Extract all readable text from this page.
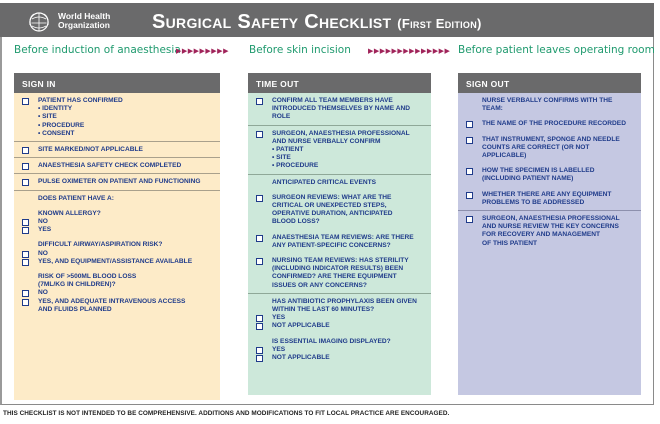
World Health
Organization Surgical Safety Checklist (First Edition)
Before induction of anaesthesia
▶▶▶▶▶▶▶▶▶ Before skin incision ▶▶▶▶▶▶▶▶▶▶▶▶▶▶ Before patient leaves operating room
SIGN IN
PATIENT HAS CONFIRMED
• IDENTITY
• SITE
• PROCEDURE
• CONSENT
SITE MARKED/NOT APPLICABLE
ANAESTHESIA SAFETY CHECK COMPLETED
PULSE OXIMETER ON PATIENT AND FUNCTIONING
DOES PATIENT HAVE A:
KNOWN ALLERGY?
NO
YES
DIFFICULT AIRWAY/ASPIRATION RISK?
NO
YES, AND EQUIPMENT/ASSISTANCE AVAILABLE
RISK OF >500ML BLOOD LOSS
(7ML/KG IN CHILDREN)?
NO
YES, AND ADEQUATE INTRAVENOUS ACCESS
AND FLUIDS PLANNED
TIME OUT
CONFIRM ALL TEAM MEMBERS HAVE
INTRODUCED THEMSELVES BY NAME AND
ROLE
SURGEON, ANAESTHESIA PROFESSIONAL
AND NURSE VERBALLY CONFIRM
• PATIENT
• SITE
• PROCEDURE
ANTICIPATED CRITICAL EVENTS
SURGEON REVIEWS: WHAT ARE THE
CRITICAL OR UNEXPECTED STEPS,
OPERATIVE DURATION, ANTICIPATED
BLOOD LOSS?
ANAESTHESIA TEAM REVIEWS: ARE THERE
ANY PATIENT-SPECIFIC CONCERNS?
NURSING TEAM REVIEWS: HAS STERILITY
(INCLUDING INDICATOR RESULTS) BEEN
CONFIRMED? ARE THERE EQUIPMENT
ISSUES OR ANY CONCERNS?
HAS ANTIBIOTIC PROPHYLAXIS BEEN GIVEN
WITHIN THE LAST 60 MINUTES?
YES
NOT APPLICABLE
IS ESSENTIAL IMAGING DISPLAYED?
YES
NOT APPLICABLE
SIGN OUT
NURSE VERBALLY CONFIRMS WITH THE
TEAM:
THE NAME OF THE PROCEDURE RECORDED
THAT INSTRUMENT, SPONGE AND NEEDLE
COUNTS ARE CORRECT (OR NOT
APPLICABLE)
HOW THE SPECIMEN IS LABELLED
(INCLUDING PATIENT NAME)
WHETHER THERE ARE ANY EQUIPMENT
PROBLEMS TO BE ADDRESSED
SURGEON, ANAESTHESIA PROFESSIONAL
AND NURSE REVIEW THE KEY CONCERNS
FOR RECOVERY AND MANAGEMENT
OF THIS PATIENT
THIS CHECKLIST IS NOT INTENDED TO BE COMPREHENSIVE. ADDITIONS AND MODIFICATIONS TO FIT LOCAL PRACTICE ARE ENCOURAGED.
